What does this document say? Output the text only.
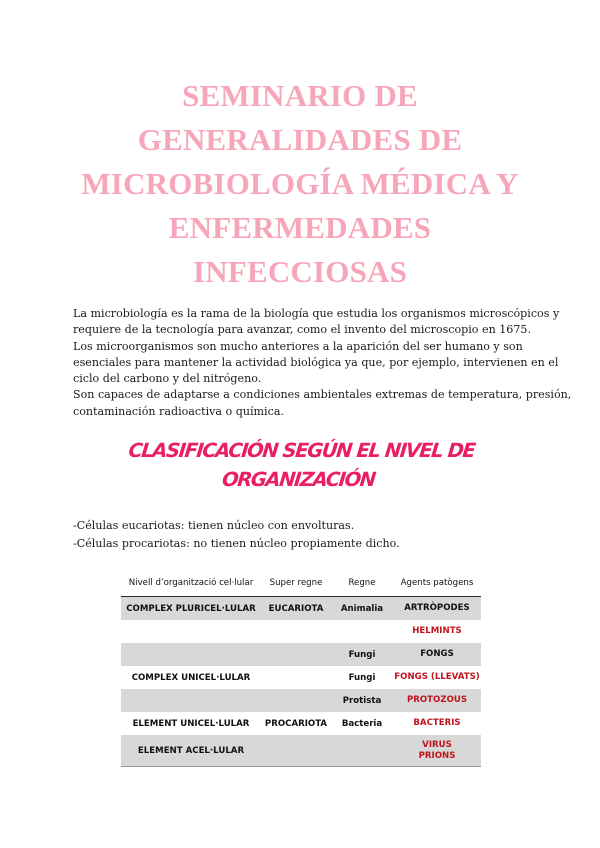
SEMINARIO DE
GENERALIDADES DE
MICROBIOLOGÍA MÉDICA Y
ENFERMEDADES
INFECCIOSAS
La microbiología es la rama de la biología que estudia los organismos microscópicos y
requiere de la tecnología para avanzar, como el invento del microscopio en 1675.
Los microorganismos son mucho anteriores a la aparición del ser humano y son
esenciales para mantener la actividad biológica ya que, por ejemplo, intervienen en el
ciclo del carbono y del nitrógeno.
Son capaces de adaptarse a condiciones ambientales extremas de temperatura, presión,
contaminación radioactiva o química.
CLASIFICACIÓN SEGÚN EL NIVEL DE
ORGANIZACIÓN
-Células eucariotas: tienen núcleo con envolturas.
-Células procariotas: no tienen núcleo propiamente dicho.
Nivell d’organització cel·lular	Super regne	Regne	Agents patògens
COMPLEX PLURICEL·LULAR	EUCARIOTA	Animalia	ARTRÒPODES

			HELMINTS

		Fungi	FONGS

COMPLEX UNICEL·LULAR		Fungi	FONGS (LLEVATS)

		Protista	PROTOZOUS

ELEMENT UNICEL·LULAR	PROCARIOTA	Bacteria	BACTERIS

ELEMENT ACEL·LULAR			VIRUS
PRIONS
